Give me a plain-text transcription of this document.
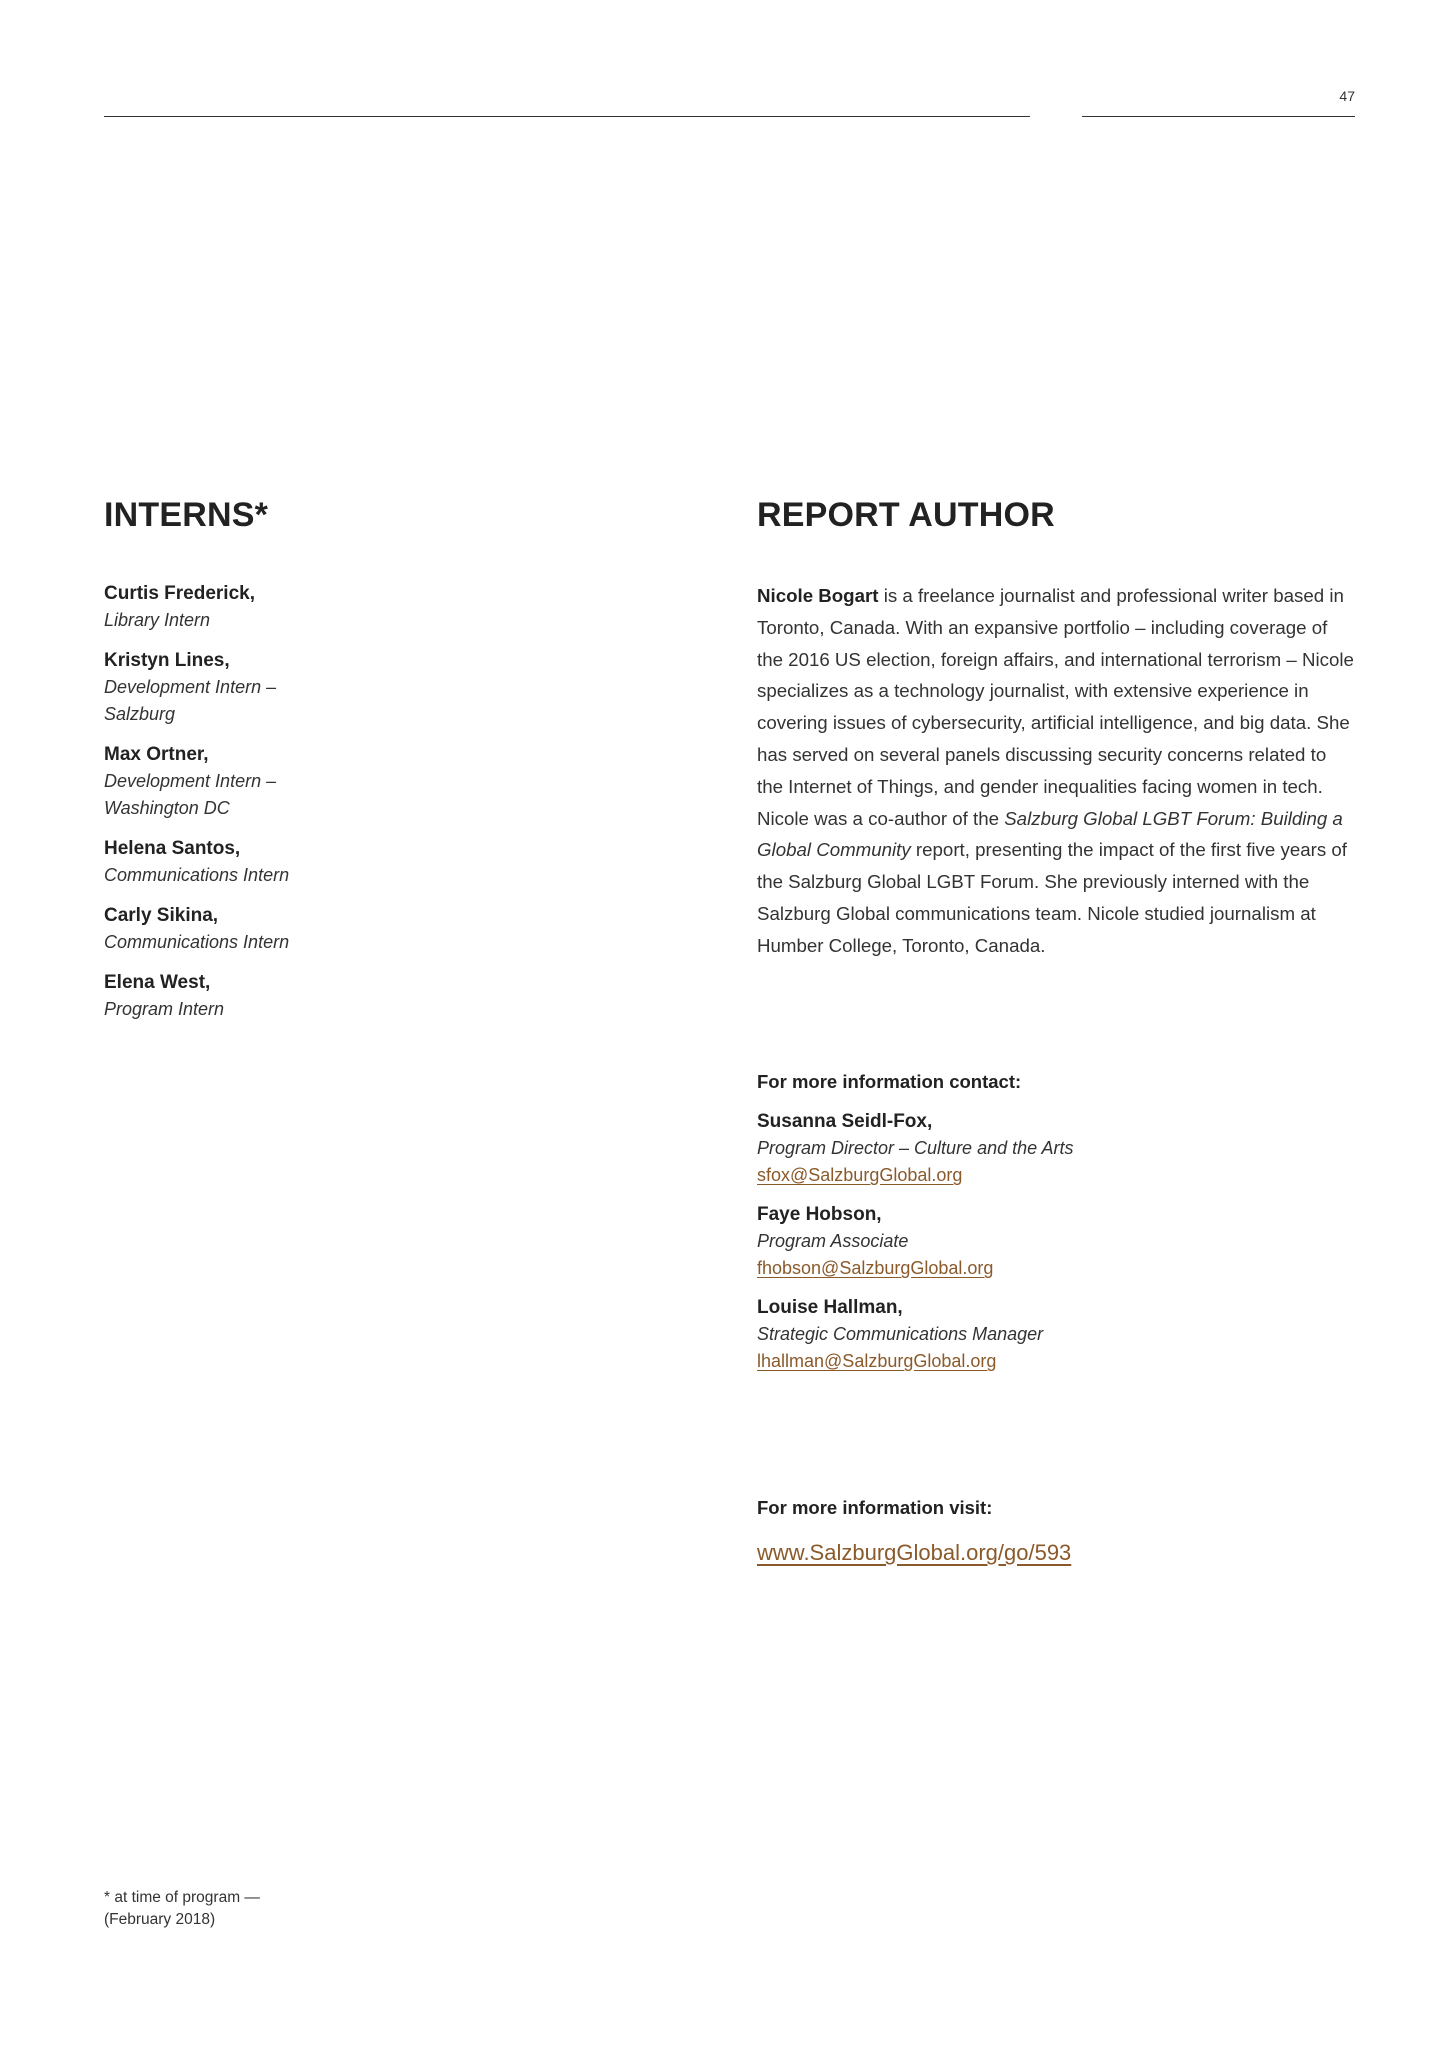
47
INTERNS*	REPORT AUTHOR
Curtis Frederick,
Library Intern
Kristyn Lines,
Development Intern –
Salzburg
Max Ortner,
Development Intern –
Washington DC
Helena Santos,
Communications Intern
Carly Sikina,
Communications Intern
Elena West,
Program Intern

Nicole Bogart is a freelance journalist and professional writer based in Toronto, Canada. With an expansive portfolio – including coverage of the 2016 US election, foreign affairs, and international terrorism – Nicole specializes as a technology journalist, with extensive experience in covering issues of cybersecurity, artificial intelligence, and big data. She has served on several panels discussing security concerns related to the Internet of Things, and gender inequalities facing women in tech. Nicole was a co-author of the Salzburg Global LGBT Forum: Building a Global Community report, presenting the impact of the first five years of the Salzburg Global LGBT Forum. She previously interned with the Salzburg Global communications team. Nicole studied journalism at Humber College, Toronto, Canada.

For more information contact:
Susanna Seidl-Fox,
Program Director – Culture and the Arts
sfox@SalzburgGlobal.org
Faye Hobson,
Program Associate
fhobson@SalzburgGlobal.org
Louise Hallman,
Strategic Communications Manager
lhallman@SalzburgGlobal.org
For more information visit:
www.SalzburgGlobal.org/go/593
* at time of program —
(February 2018)
